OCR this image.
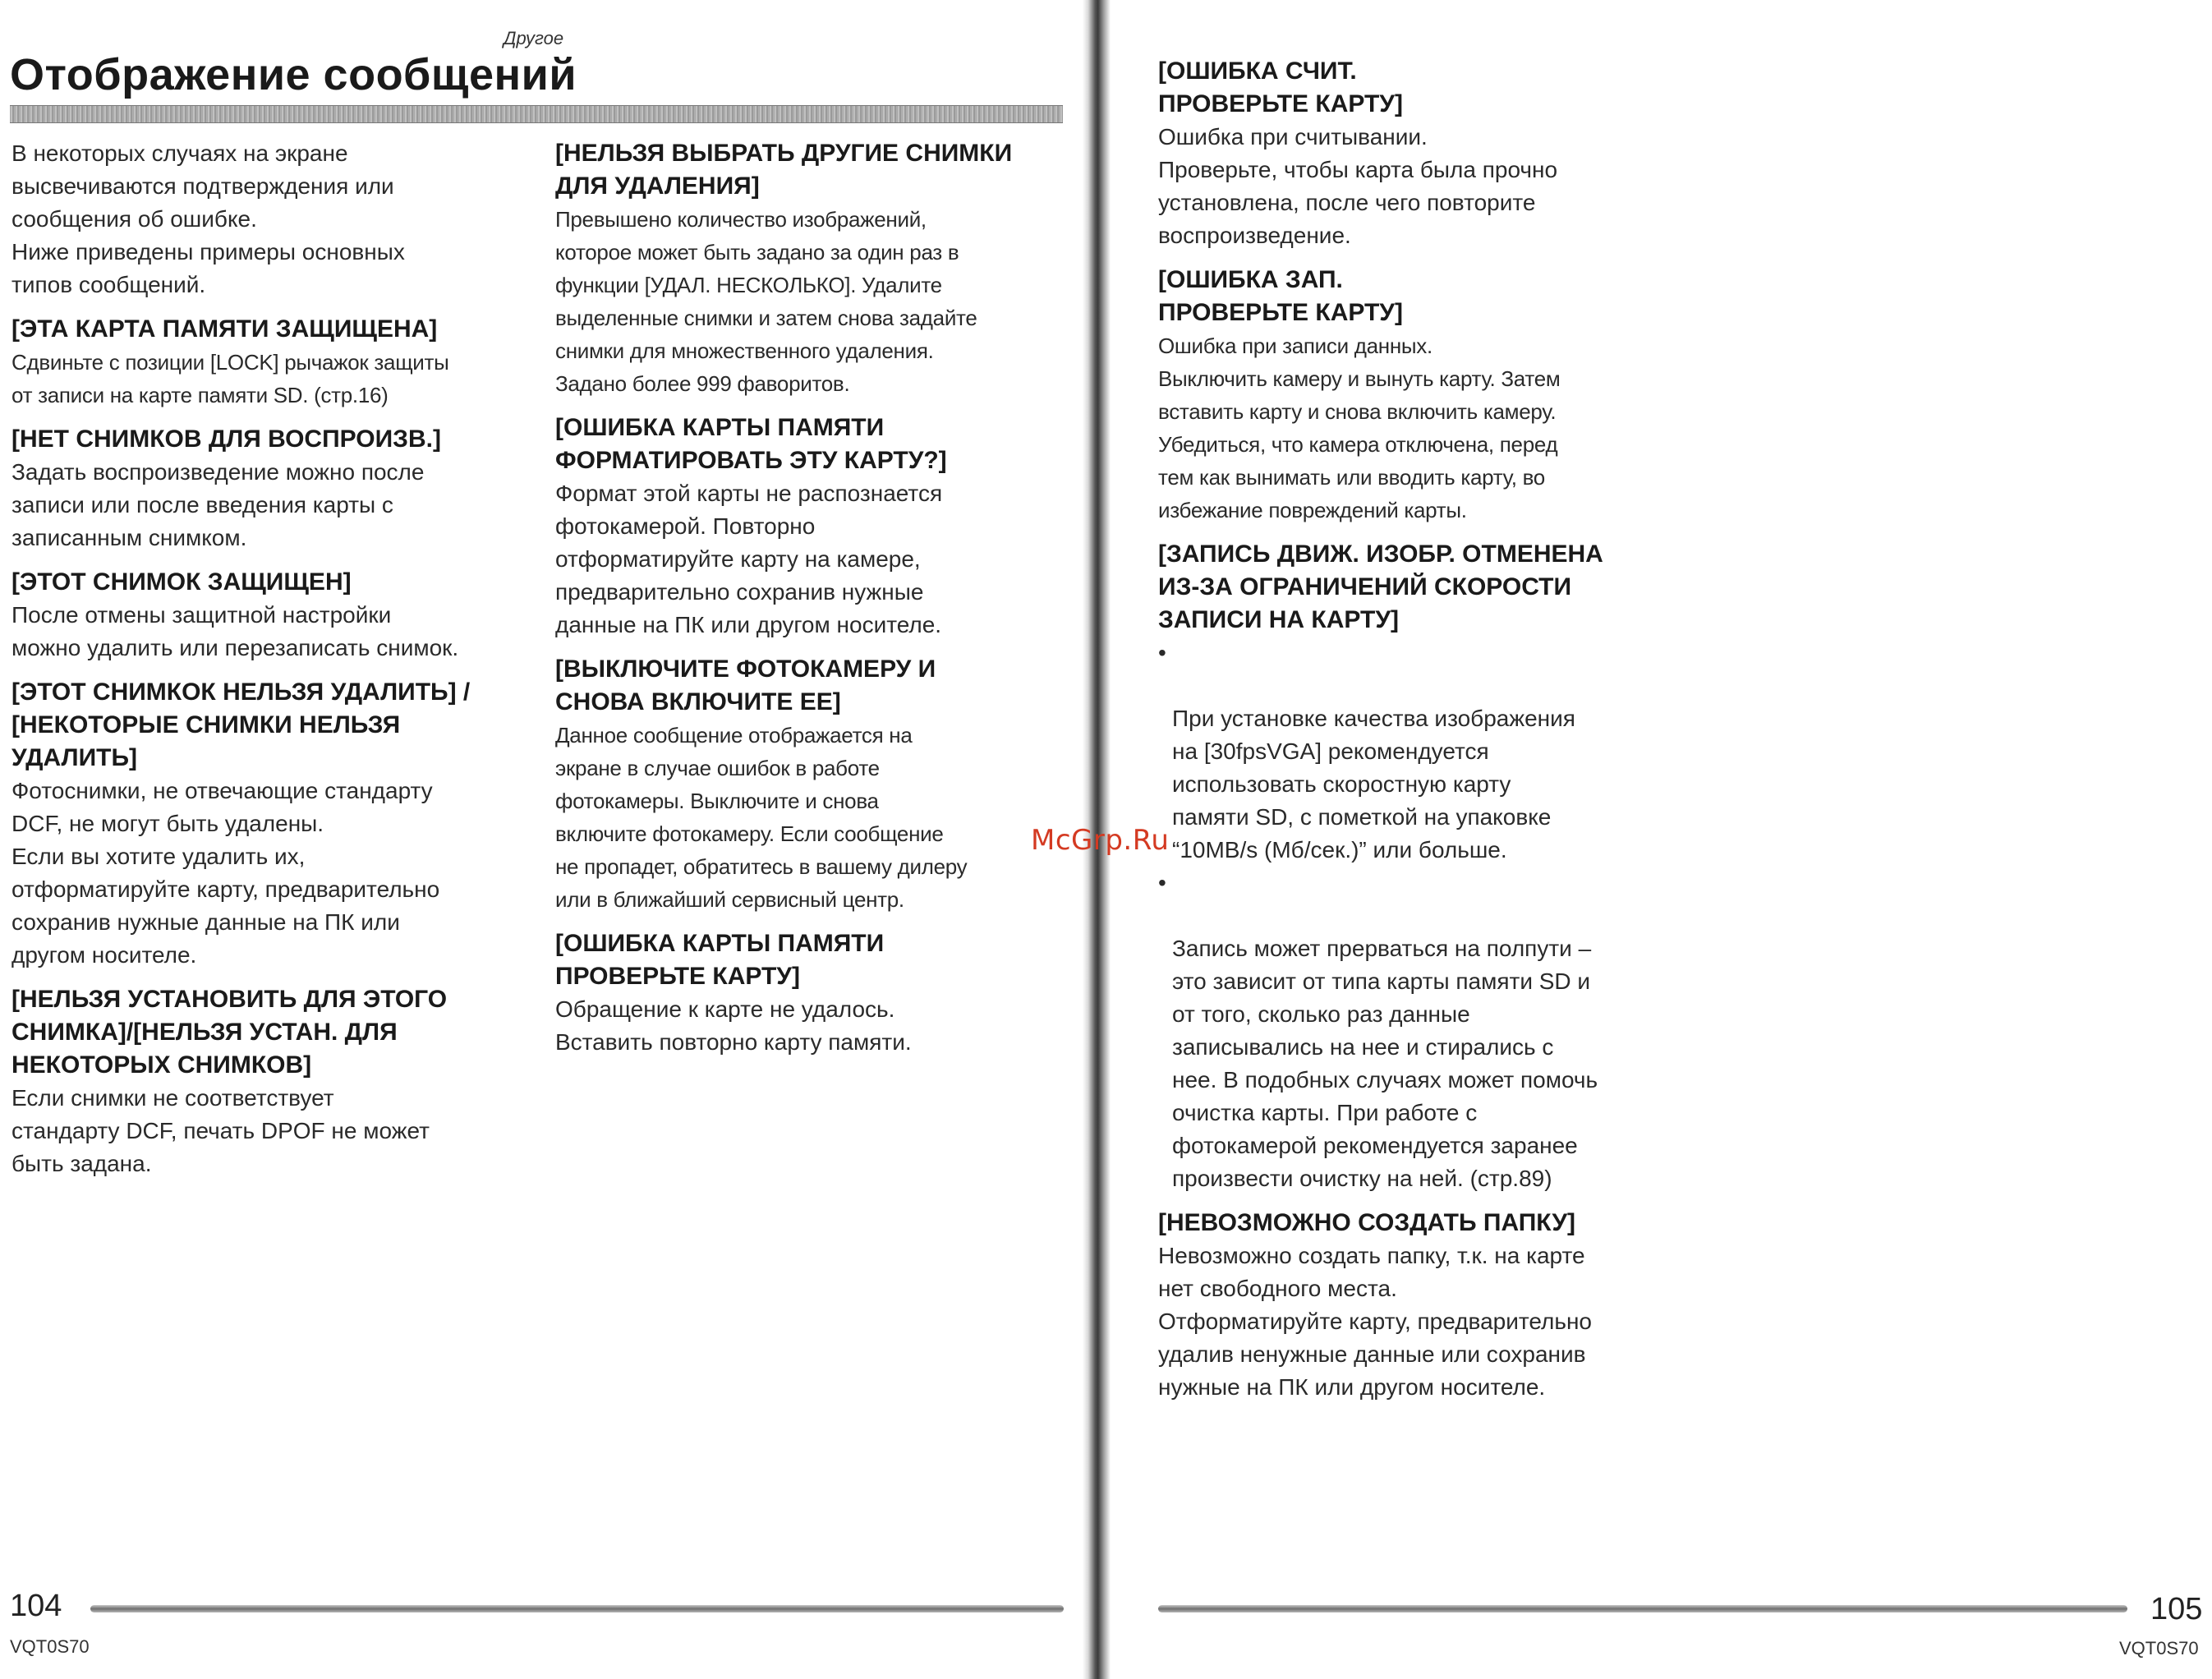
Другое
Отображение сообщений

В некоторых случаях на экране
высвечиваются подтверждения или
сообщения об ошибке.
Ниже приведены примеры основных
типов сообщений.

[ЭТА КАРТА ПАМЯТИ ЗАЩИЩЕНА]

Сдвиньте с позиции [LOCK] рычажок защиты
от записи на карте памяти SD. (стр.16)

[НЕТ СНИМКОВ ДЛЯ ВОСПРОИЗВ.]

Задать воспроизведение можно после
записи или после введения карты с
записанным снимком.

[ЭТОТ СНИМОК ЗАЩИЩЕН]

После отмены защитной настройки
можно удалить или перезаписать снимок.

[ЭТОТ СНИМКОК НЕЛЬЗЯ УДАЛИТЬ] /
[НЕКОТОРЫЕ СНИМКИ НЕЛЬЗЯ
УДАЛИТЬ]

Фотоснимки, не отвечающие стандарту
DCF, не могут быть удалены.
Если вы хотите удалить их,
отформатируйте карту, предварительно
сохранив нужные данные на ПК или
другом носителе.

[НЕЛЬЗЯ УСТАНОВИТЬ ДЛЯ ЭТОГО
СНИМКА]/[НЕЛЬЗЯ УСТАН. ДЛЯ
НЕКОТОРЫХ СНИМКОВ]

Если снимки не соответствует
стандарту DCF, печать DPOF не может
быть задана.

[НЕЛЬЗЯ ВЫБРАТЬ ДРУГИЕ СНИМКИ
ДЛЯ УДАЛЕНИЯ]

Превышено количество изображений,
которое может быть задано за один раз в
функции [УДАЛ. НЕСКОЛЬКО]. Удалите
выделенные снимки и затем снова задайте
снимки для множественного удаления.
Задано более 999 фаворитов.

[ОШИБКА КАРТЫ ПАМЯТИ
ФОРМАТИРОВАТЬ ЭТУ КАРТУ?]

Формат этой карты не распознается
фотокамерой. Повторно
отформатируйте карту на камере,
предварительно сохранив нужные
данные на ПК или другом носителе.

[ВЫКЛЮЧИТЕ ФОТОКАМЕРУ И
СНОВА ВКЛЮЧИТЕ ЕЕ]

Данное сообщение отображается на
экране в случае ошибок в работе
фотокамеры. Выключите и снова
включите фотокамеру. Если сообщение
не пропадет, обратитесь в вашему дилеру
или в ближайший сервисный центр.

[ОШИБКА КАРТЫ ПАМЯТИ
ПРОВЕРЬТЕ КАРТУ]

Обращение к карте не удалось.
Вставить повторно карту памяти.

104
VQT0S70

[ОШИБКА СЧИТ.
ПРОВЕРЬТЕ КАРТУ]

Ошибка при считывании.
Проверьте, чтобы карта была прочно
установлена, после чего повторите
воспроизведение.

[ОШИБКА ЗАП.
ПРОВЕРЬТЕ КАРТУ]

Ошибка при записи данных.
Выключить камеру и вынуть карту. Затем
вставить карту и снова включить камеру.
Убедиться, что камера отключена, перед
тем как вынимать или вводить карту, во
избежание повреждений карты.

[ЗАПИСЬ ДВИЖ. ИЗОБР. ОТМЕНЕНА
ИЗ-ЗА ОГРАНИЧЕНИЙ СКОРОСТИ
ЗАПИСИ НА КАРТУ]

•

При установке качества изображения
на [30fpsVGA] рекомендуется
использовать скоростную карту
памяти SD, с пометкой на упаковке
“10MB/s (Мб/сек.)” или больше.

•

Запись может прерваться на полпути –
это зависит от типа карты памяти SD и
от того, сколько раз данные
записывались на нее и стирались с
нее. В подобных случаях может помочь
очистка карты. При работе с
фотокамерой рекомендуется заранее
произвести очистку на ней. (стр.89)

[НЕВОЗМОЖНО СОЗДАТЬ ПАПКУ]

Невозможно создать папку, т.к. на карте
нет свободного места.
Отформатируйте карту, предварительно
удалив ненужные данные или сохранив
нужные на ПК или другом носителе.

105
VQT0S70
McGrp.Ru
